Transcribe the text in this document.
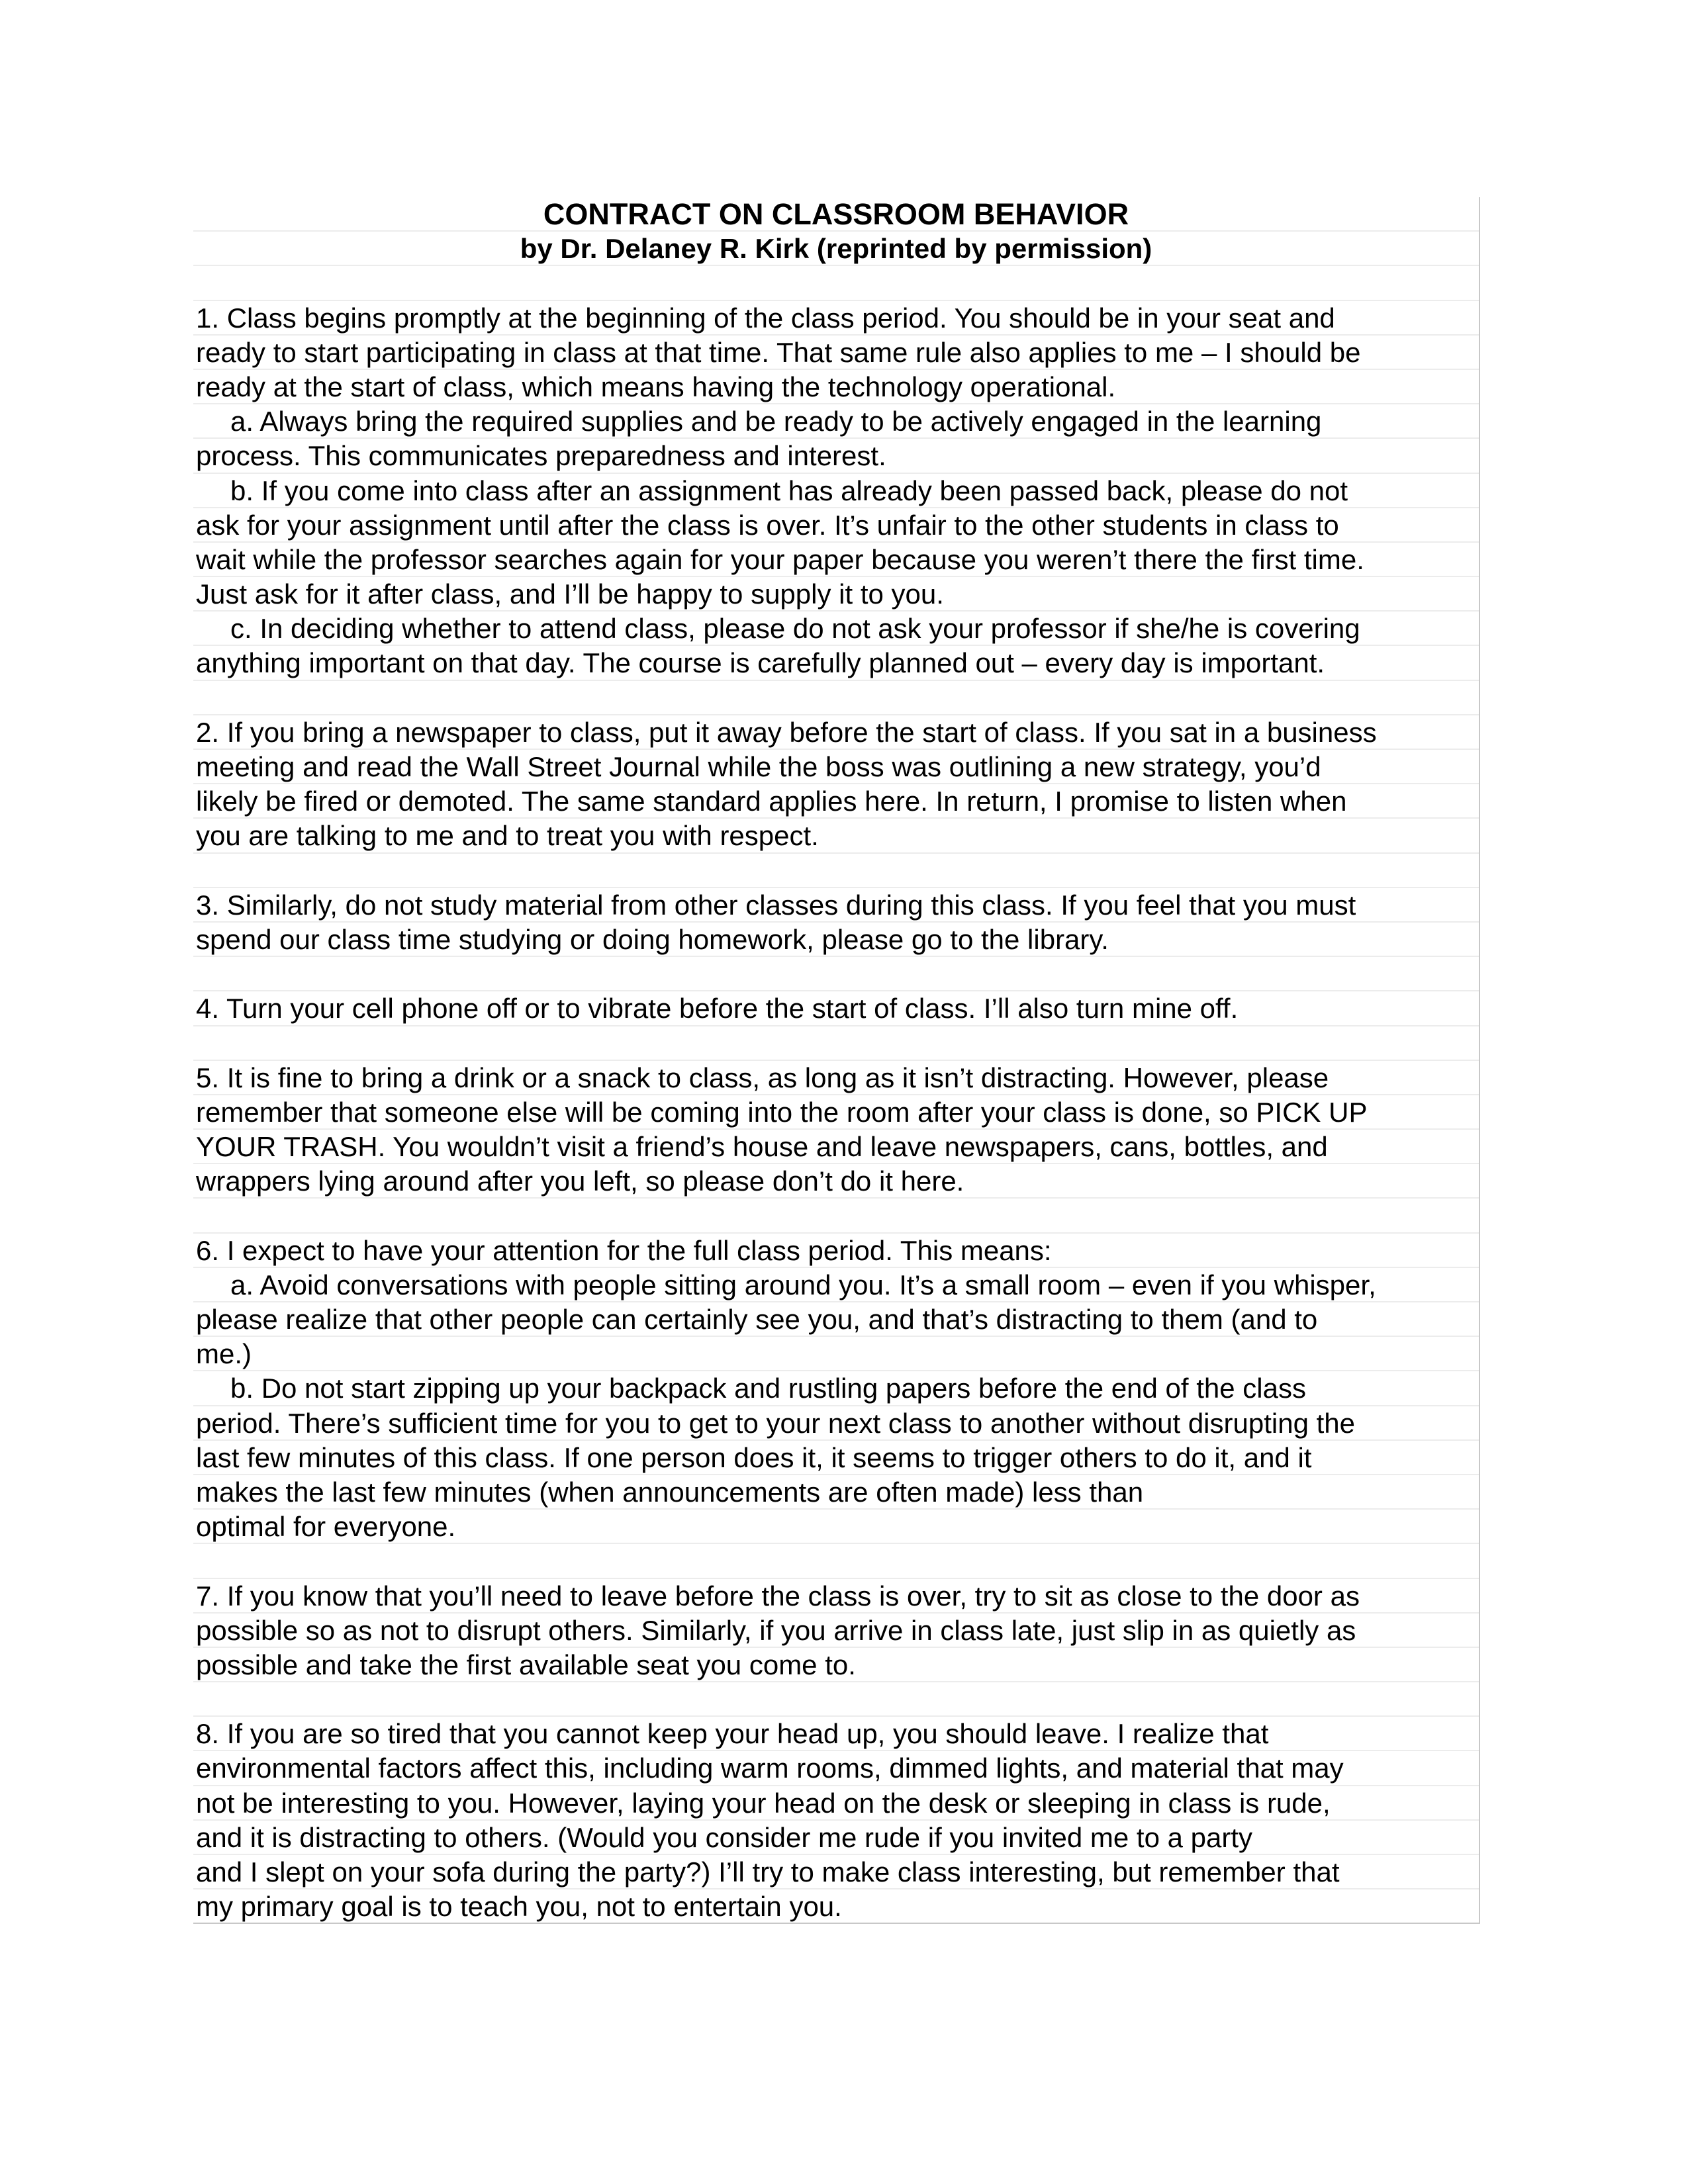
CONTRACT ON CLASSROOM BEHAVIOR
by Dr. Delaney R. Kirk (reprinted by permission)
1. Class begins promptly at the beginning of the class period. You should be in your seat and
ready to start participating in class at that time. That same rule also applies to me – I should be
ready at the start of class, which means having the technology operational.
a. Always bring the required supplies and be ready to be actively engaged in the learning
process. This communicates preparedness and interest.
b. If you come into class after an assignment has already been passed back, please do not
ask for your assignment until after the class is over. It’s unfair to the other students in class to
wait while the professor searches again for your paper because you weren’t there the first time.
Just ask for it after class, and I’ll be happy to supply it to you.
c. In deciding whether to attend class, please do not ask your professor if she/he is covering
anything important on that day. The course is carefully planned out – every day is important.
2. If you bring a newspaper to class, put it away before the start of class. If you sat in a business
meeting and read the Wall Street Journal while the boss was outlining a new strategy, you’d
likely be fired or demoted. The same standard applies here. In return, I promise to listen when
you are talking to me and to treat you with respect.
3. Similarly, do not study material from other classes during this class. If you feel that you must
spend our class time studying or doing homework, please go to the library.
4. Turn your cell phone off or to vibrate before the start of class. I’ll also turn mine off.
5. It is fine to bring a drink or a snack to class, as long as it isn’t distracting. However, please
remember that someone else will be coming into the room after your class is done, so PICK UP
YOUR TRASH. You wouldn’t visit a friend’s house and leave newspapers, cans, bottles, and
wrappers lying around after you left, so please don’t do it here.
6. I expect to have your attention for the full class period. This means:
a. Avoid conversations with people sitting around you. It’s a small room – even if you whisper,
please realize that other people can certainly see you, and that’s distracting to them (and to
me.)
b. Do not start zipping up your backpack and rustling papers before the end of the class
period. There’s sufficient time for you to get to your next class to another without disrupting the
last few minutes of this class. If one person does it, it seems to trigger others to do it, and it
makes the last few minutes (when announcements are often made) less than
optimal for everyone.
7. If you know that you’ll need to leave before the class is over, try to sit as close to the door as
possible so as not to disrupt others. Similarly, if you arrive in class late, just slip in as quietly as
possible and take the first available seat you come to.
8. If you are so tired that you cannot keep your head up, you should leave. I realize that
environmental factors affect this, including warm rooms, dimmed lights, and material that may
not be interesting to you. However, laying your head on the desk or sleeping in class is rude,
and it is distracting to others. (Would you consider me rude if you invited me to a party
and I slept on your sofa during the party?) I’ll try to make class interesting, but remember that
my primary goal is to teach you, not to entertain you.
